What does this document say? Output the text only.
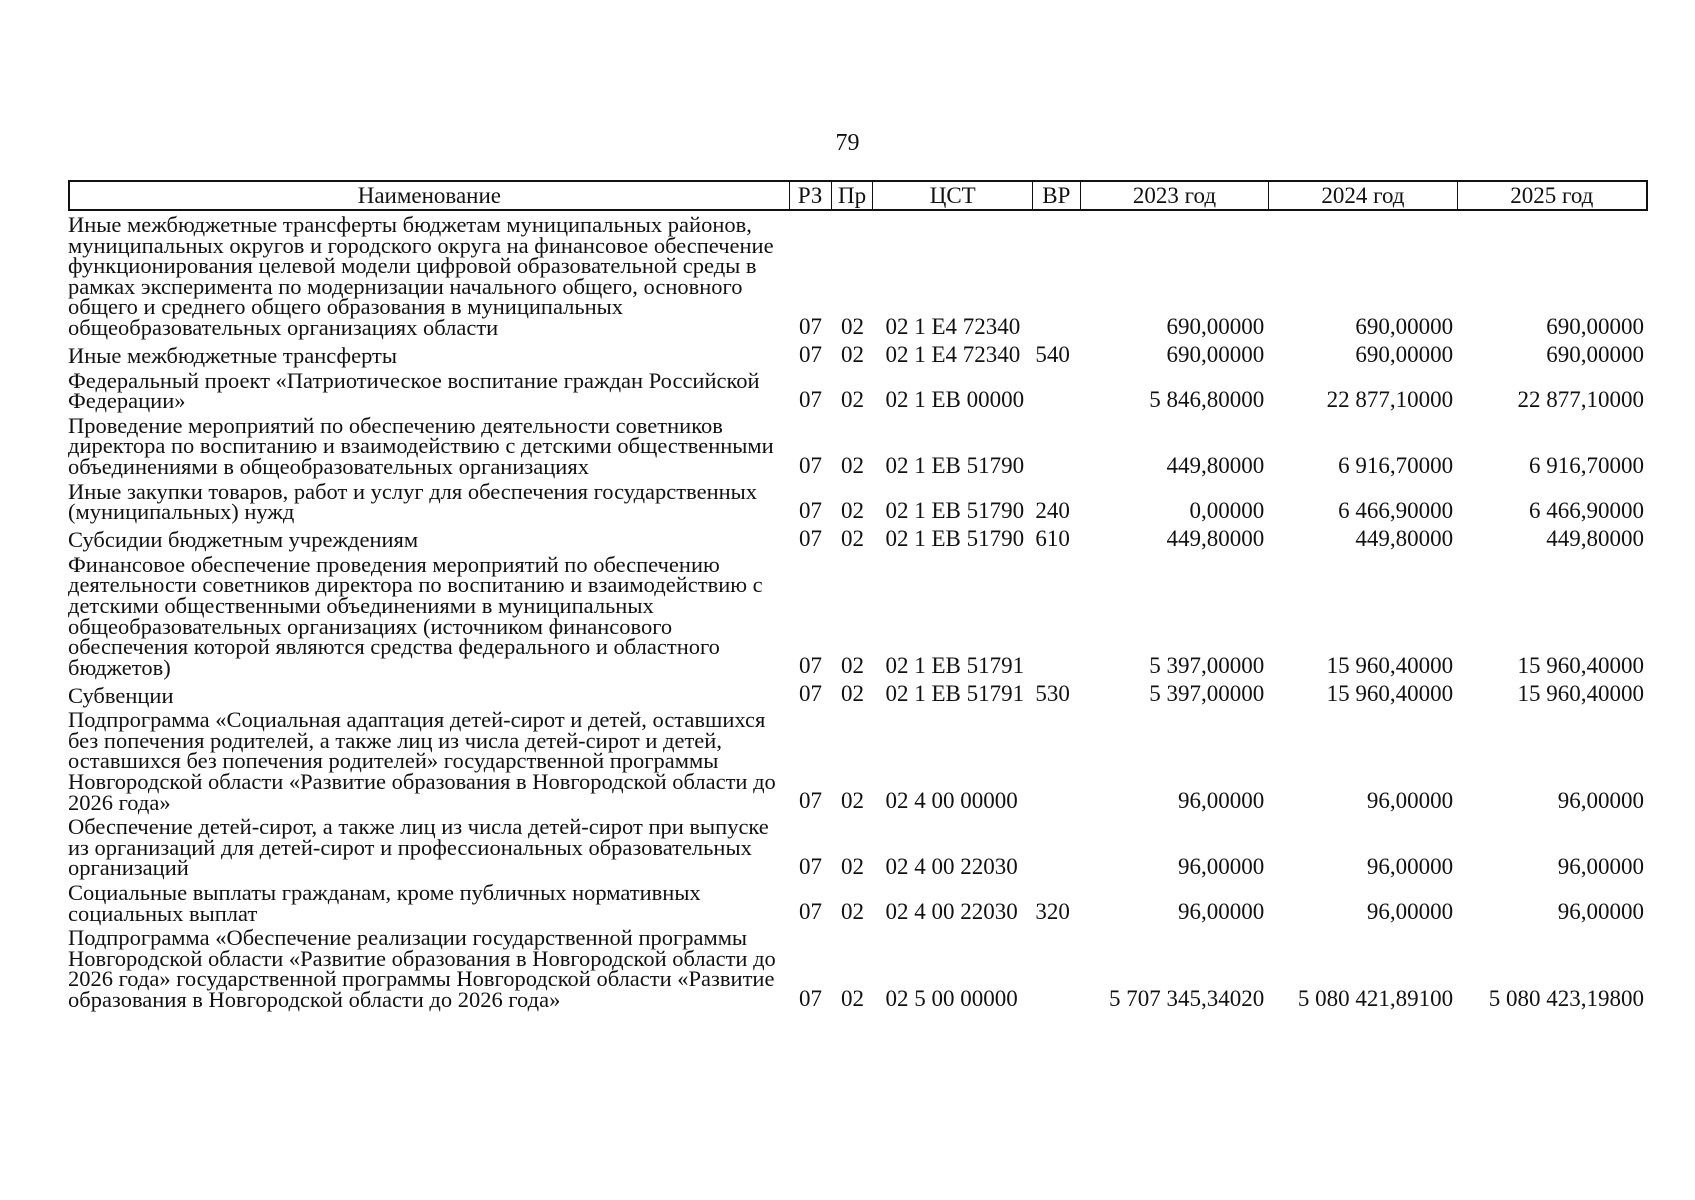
79
Наименование	РЗ Пр	ЦСТ	ВР	2023 год	2024 год	2025 год
Иные межбюджетные трансферты бюджетам муниципальных районов, муниципальных округов и городского округа на финансовое обеспечение функционирования целевой модели цифровой образовательной среды в рамках эксперимента по модернизации начального общего, основного общего и среднего общего образования в муниципальных общеобразовательных организациях области	07 02 02 1 Е4 72340	690,00000	690,00000	690,00000
Иные межбюджетные трансферты	07 02 02 1 Е4 72340 540	690,00000	690,00000	690,00000
Федеральный проект «Патриотическое воспитание граждан Российской Федерации»	07 02 02 1 ЕВ 00000	5 846,80000	22 877,10000	22 877,10000
Проведение мероприятий по обеспечению деятельности советников директора по воспитанию и взаимодействию с детскими общественными объединениями в общеобразовательных организациях	07 02 02 1 ЕВ 51790	449,80000	6 916,70000	6 916,70000
Иные закупки товаров, работ и услуг для обеспечения государственных (муниципальных) нужд	07 02 02 1 ЕВ 51790 240	0,00000	6 466,90000	6 466,90000
Субсидии бюджетным учреждениям	07 02 02 1 ЕВ 51790 610	449,80000	449,80000	449,80000
Финансовое обеспечение проведения мероприятий по обеспечению деятельности советников директора по воспитанию и взаимодействию с детскими общественными объединениями в муниципальных общеобразовательных организациях (источником финансового обеспечения которой являются средства федерального и областного бюджетов)	07 02 02 1 ЕВ 51791	5 397,00000	15 960,40000	15 960,40000
Субвенции	07 02 02 1 ЕВ 51791 530	5 397,00000	15 960,40000	15 960,40000
Подпрограмма «Социальная адаптация детей-сирот и детей, оставшихся без попечения родителей, а также лиц из числа детей-сирот и детей, оставшихся без попечения родителей» государственной программы Новгородской области «Развитие образования в Новгородской области до 2026 года»	07 02 02 4 00 00000	96,00000	96,00000	96,00000
Обеспечение детей-сирот, а также лиц из числа детей-сирот при выпуске из организаций для детей-сирот и профессиональных образовательных организаций	07 02 02 4 00 22030	96,00000	96,00000	96,00000
Социальные выплаты гражданам, кроме публичных нормативных социальных выплат	07 02 02 4 00 22030 320	96,00000	96,00000	96,00000
Подпрограмма «Обеспечение реализации государственной программы Новгородской области «Развитие образования в Новгородской области до 2026 года» государственной программы Новгородской области «Развитие образования в Новгородской области до 2026 года»	07 02 02 5 00 00000	5 707 345,34020	5 080 421,89100	5 080 423,19800
